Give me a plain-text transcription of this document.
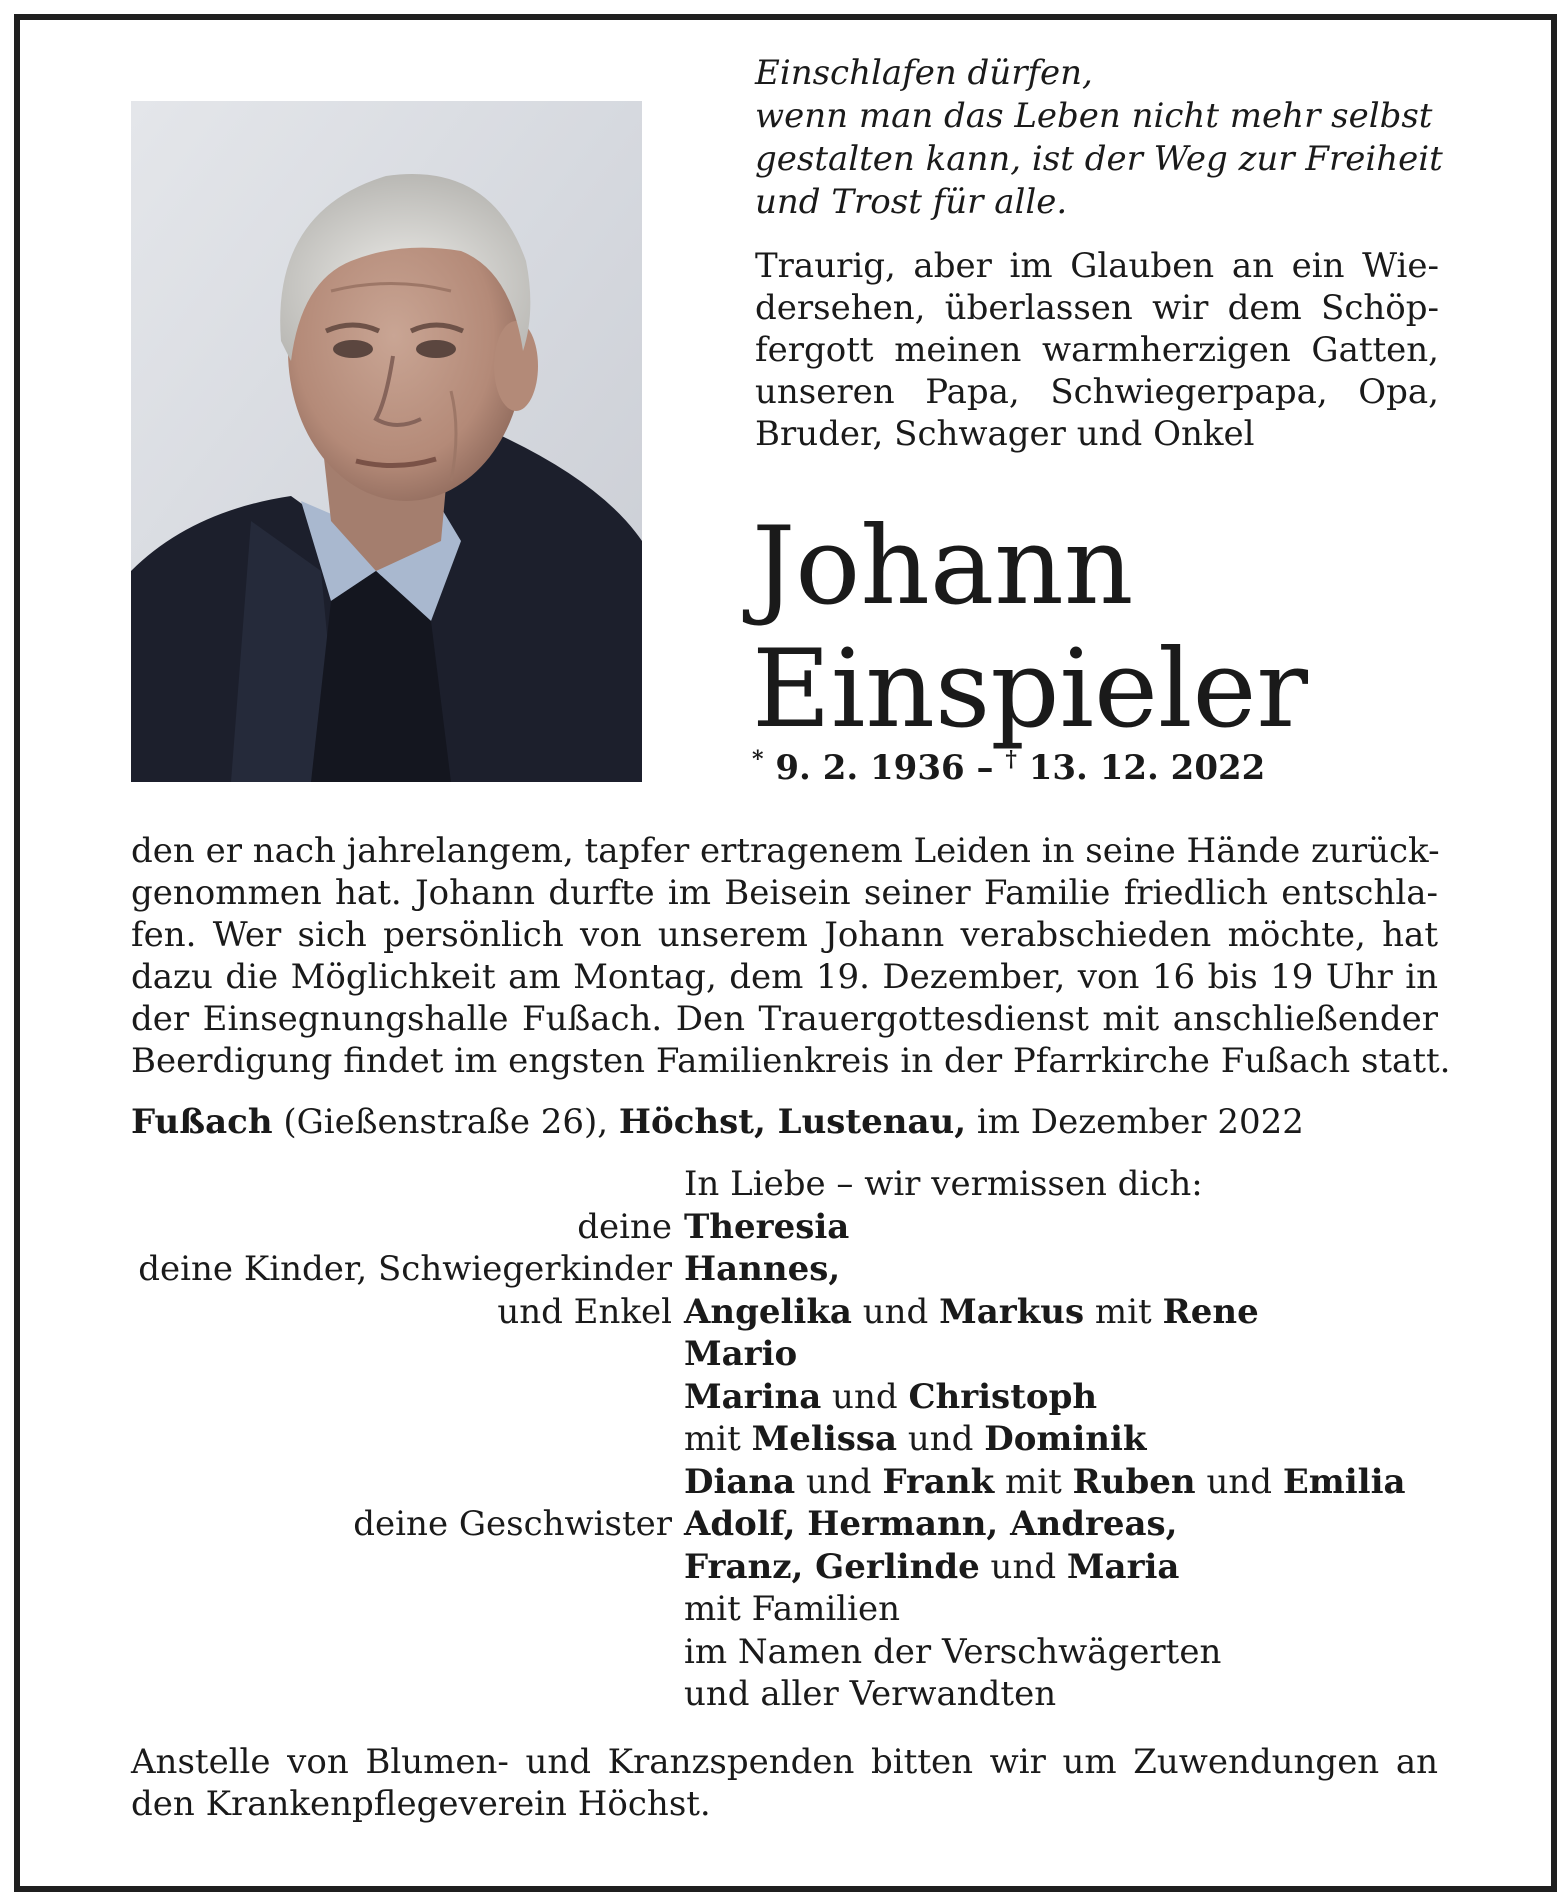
Einschlafen dürfen,
wenn man das Leben nicht mehr selbst
gestalten kann, ist der Weg zur Freiheit
und Trost für alle.
Traurig, aber im Glauben an ein Wie-
dersehen, überlassen wir dem Schöp-
fergott meinen warmherzigen Gatten,
unseren Papa, Schwiegerpapa, Opa,
Bruder, Schwager und Onkel
Johann
Einspieler
* 9. 2. 1936 – † 13. 12. 2022
den er nach jahrelangem, tapfer ertragenem Leiden in seine Hände zurück-
genommen hat. Johann durfte im Beisein seiner Familie friedlich entschla-
fen. Wer sich persönlich von unserem Johann verabschieden möchte, hat
dazu die Möglichkeit am Montag, dem 19. Dezember, von 16 bis 19 Uhr in
der Einsegnungshalle Fußach. Den Trauergottesdienst mit anschließender
Beerdigung findet im engsten Familienkreis in der Pfarrkirche Fußach statt.
Fußach (Gießenstraße 26), Höchst, Lustenau, im Dezember 2022
In Liebe – wir vermissen dich:
deine Theresia
deine Kinder, Schwiegerkinder Hannes,
und Enkel Angelika und Markus mit Rene
Mario
Marina und Christoph
mit Melissa und Dominik
Diana und Frank mit Ruben und Emilia
deine Geschwister Adolf, Hermann, Andreas,
Franz, Gerlinde und Maria
mit Familien
im Namen der Verschwägerten
und aller Verwandten
Anstelle von Blumen- und Kranzspenden bitten wir um Zuwendungen an
den Krankenpflegeverein Höchst.
